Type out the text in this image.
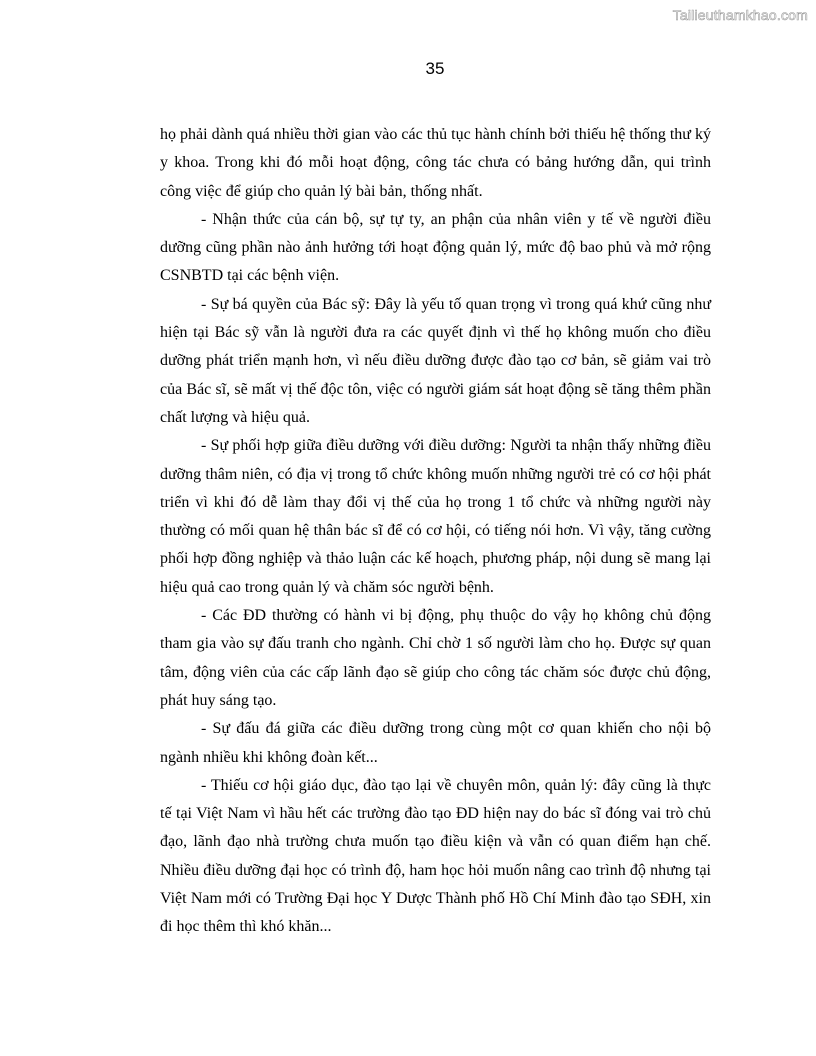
Tailieuthamkhao.com
35

họ phải dành quá nhiều thời gian vào các thủ tục hành chính bởi thiếu hệ thống thư ký y khoa. Trong khi đó mỗi hoạt động, công tác chưa có bảng hướng dẫn, qui trình công việc để giúp cho quản lý bài bản, thống nhất.

- Nhận thức của cán bộ, sự tự ty, an phận của nhân viên y tế về người điều dưỡng cũng phần nào ảnh hưởng tới hoạt động quản lý, mức độ bao phủ và mở rộng CSNBTD tại các bệnh viện.

- Sự bá quyền của Bác sỹ: Đây là yếu tố quan trọng vì trong quá khứ cũng như hiện tại Bác sỹ vẫn là người đưa ra các quyết định vì thế họ không muốn cho điều dưỡng phát triển mạnh hơn, vì nếu điều dưỡng được đào tạo cơ bản, sẽ giảm vai trò của Bác sĩ, sẽ mất vị thế độc tôn, việc có người giám sát hoạt động sẽ tăng thêm phần chất lượng và hiệu quả.

- Sự phối hợp giữa điều dưỡng với điều dưỡng: Người ta nhận thấy những điều dưỡng thâm niên, có địa vị trong tổ chức không muốn những người trẻ có cơ hội phát triển vì khi đó dễ làm thay đổi vị thế của họ trong 1 tổ chức và những người này thường có mối quan hệ thân bác sĩ để có cơ hội, có tiếng nói hơn. Vì vậy, tăng cường phối hợp đồng nghiệp và thảo luận các kế hoạch, phương pháp, nội dung sẽ mang lại hiệu quả cao trong quản lý và chăm sóc người bệnh.

- Các ĐD thường có hành vi bị động, phụ thuộc do vậy họ không chủ động tham gia vào sự đấu tranh cho ngành. Chỉ chờ 1 số người làm cho họ. Được sự quan tâm, động viên của các cấp lãnh đạo sẽ giúp cho công tác chăm sóc được chủ động, phát huy sáng tạo.

- Sự đấu đá giữa các điều dưỡng trong cùng một cơ quan khiến cho nội bộ ngành nhiều khi không đoàn kết...

- Thiếu cơ hội giáo dục, đào tạo lại về chuyên môn, quản lý: đây cũng là thực tế tại Việt Nam vì hầu hết các trường đào tạo ĐD hiện nay do bác sĩ đóng vai trò chủ đạo, lãnh đạo nhà trường chưa muốn tạo điều kiện và vẫn có quan điểm hạn chế. Nhiều điều dưỡng đại học có trình độ, ham học hỏi muốn nâng cao trình độ nhưng tại Việt Nam mới có Trường Đại học Y Dược Thành phố Hồ Chí Minh đào tạo SĐH, xin đi học thêm thì khó khăn...
